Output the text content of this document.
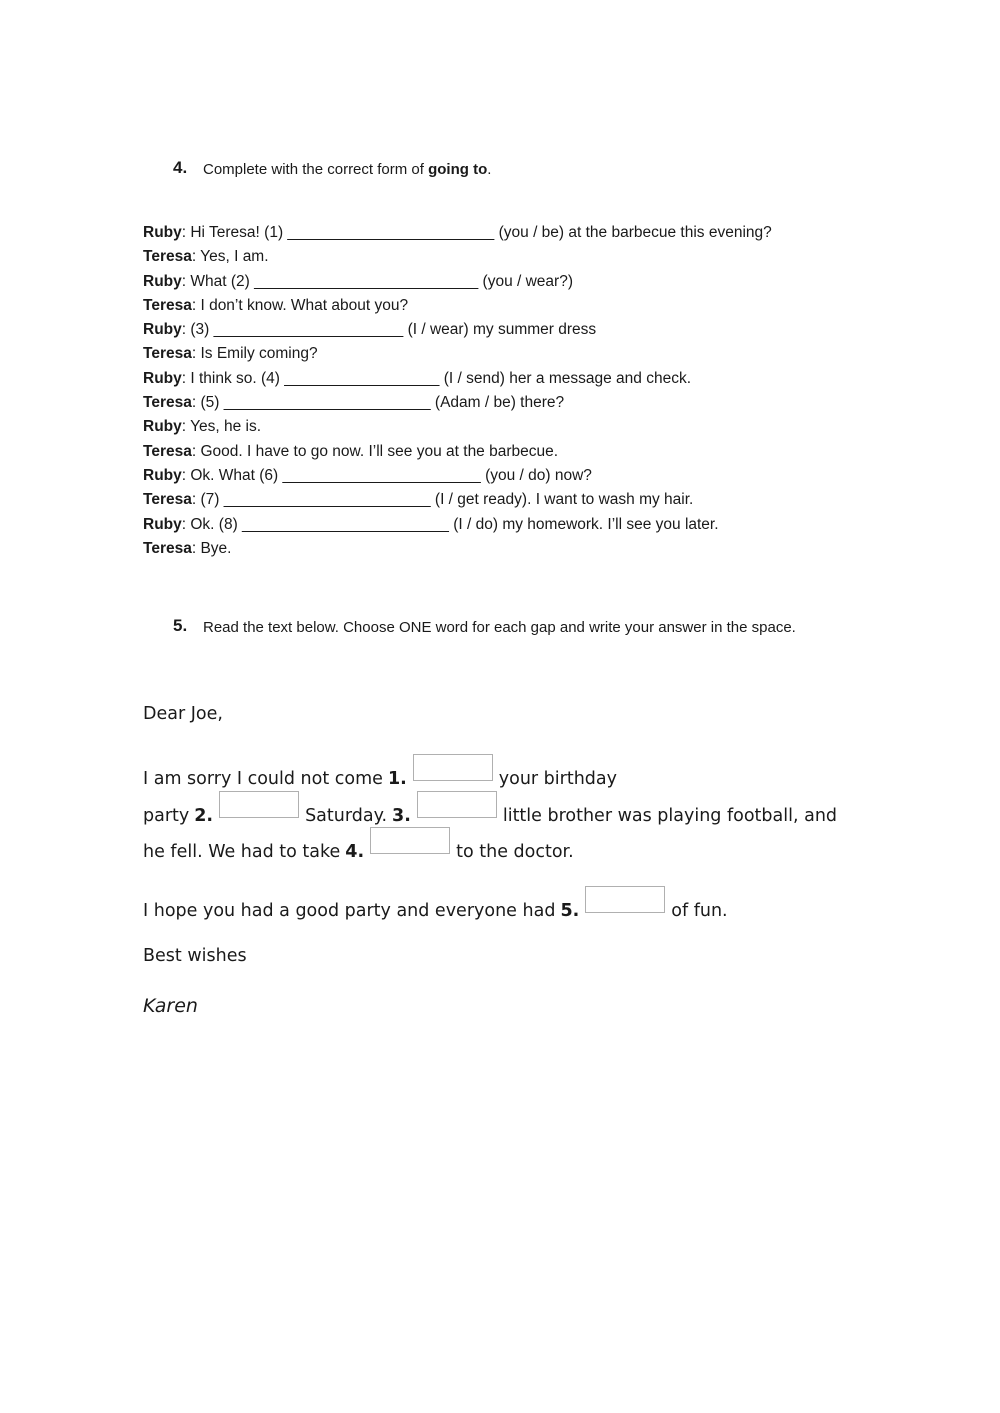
4.	Complete with the correct form of going to.
Ruby: Hi Teresa! (1) ________________________ (you / be) at the barbecue this evening?
Teresa: Yes, I am.
Ruby: What (2) __________________________ (you / wear?)
Teresa: I don’t know. What about you?
Ruby: (3) ______________________ (I / wear) my summer dress
Teresa: Is Emily coming?
Ruby: I think so. (4) __________________ (I / send) her a message and check.
Teresa: (5) ________________________ (Adam / be) there?
Ruby: Yes, he is.
Teresa: Good. I have to go now. I’ll see you at the barbecue.
Ruby: Ok. What (6) _______________________ (you / do) now?
Teresa: (7) ________________________ (I / get ready). I want to wash my hair.
Ruby: Ok. (8) ________________________ (I / do) my homework. I’ll see you later.
Teresa: Bye.
5.	Read the text below. Choose ONE word for each gap and write your answer in the space.
Dear Joe,
I am sorry I could not come 1.	your birthday
party 2.	Saturday. 3.	little brother was playing football, and
he fell. We had to take 4.	to the doctor.
I hope you had a good party and everyone had 5.	of fun.
Best wishes
Karen
